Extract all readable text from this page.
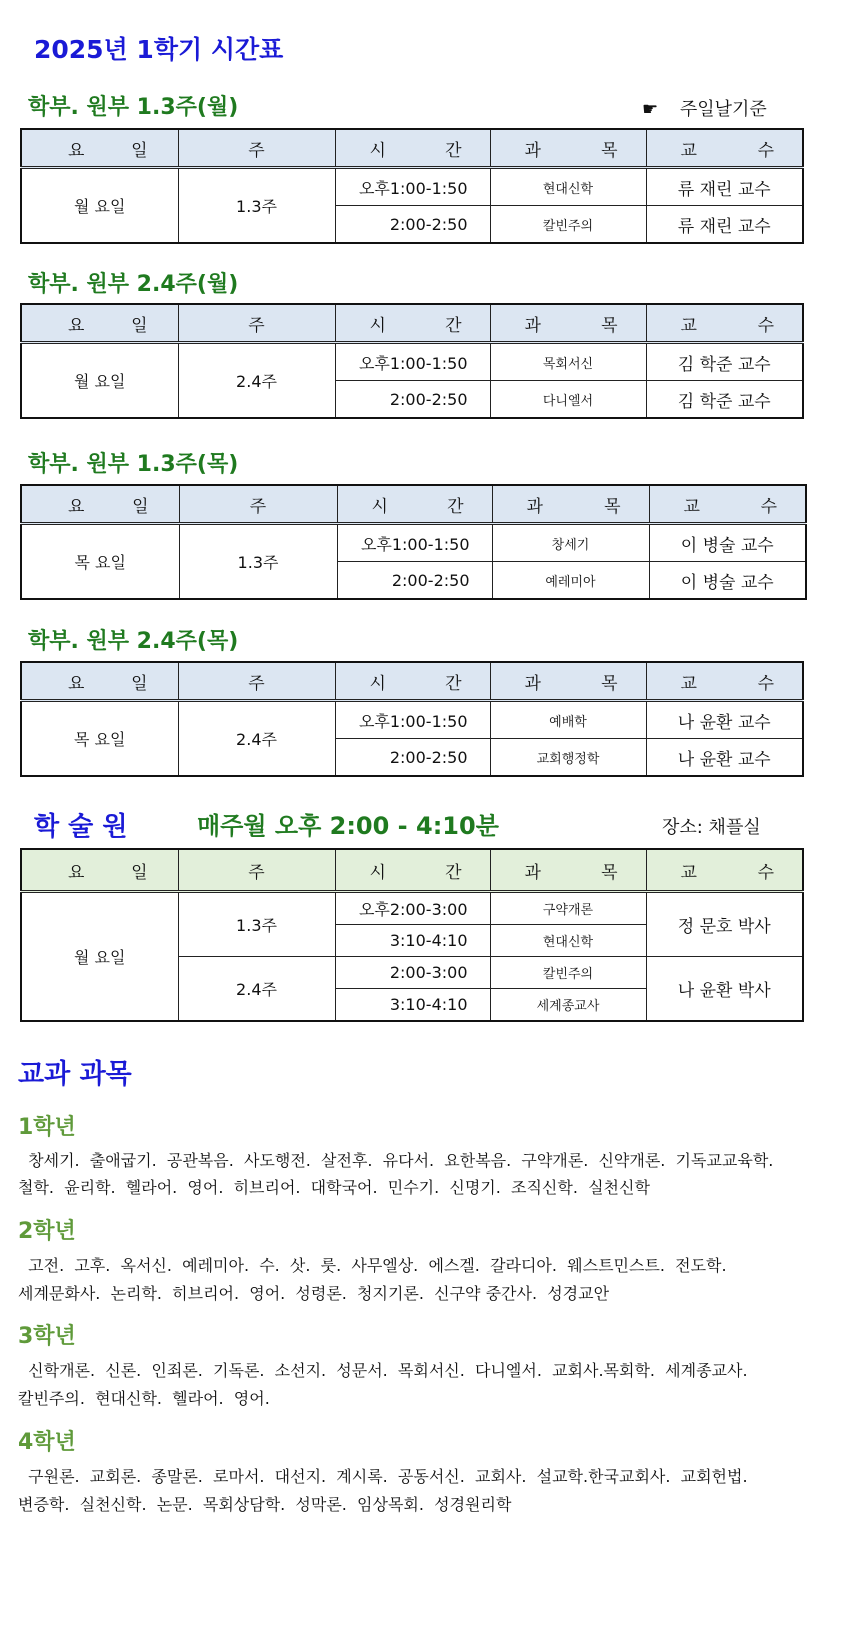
2025년 1학기 시간표
학부. 원부 1.3주(월)	☛ 주일날기준
요 일	주	시 간	과 목	교 수

월 요일	1.3주	오후1:00-1:50	현대신학	류 재린 교수
		2:00-2:50	칼빈주의	류 재린 교수
학부. 원부 2.4주(월)
요 일	주	시 간	과 목	교 수

월 요일	2.4주	오후1:00-1:50	목회서신	김 학준 교수
		2:00-2:50	다니엘서	김 학준 교수
학부. 원부 1.3주(목)
요 일	주	시 간	과 목	교 수

목 요일	1.3주	오후1:00-1:50	창세기	이 병술 교수
		2:00-2:50	예레미아	이 병술 교수
학부. 원부 2.4주(목)
요 일	주	시 간	과 목	교 수

목 요일	2.4주	오후1:00-1:50	예배학	나 윤환 교수
		2:00-2:50	교회행정학	나 윤환 교수
학 술 원	매주월 오후 2:00 - 4:10분	장소: 채플실
요 일	주	시 간	과 목	교 수

월 요일	1.3주	오후2:00-3:00	구약개론	정 문호 박사
		3:10-4:10	현대신학	
	2.4주	2:00-3:00	칼빈주의	나 윤환 박사
		3:10-4:10	세계종교사	
교과 과목
1학년
창세기.  출애굽기.  공관복음.  사도행전.  살전후.  유다서.  요한복음.  구약개론.  신약개론.  기독교교육학.
철학.  윤리학.  헬라어.  영어.  히브리어.  대학국어.  민수기.  신명기.  조직신학.  실천신학
2학년
고전.  고후.  옥서신.  예레미아.  수.  삿.  룻.  사무엘상.  에스겔.  갈라디아.  웨스트민스트.  전도학.
세계문화사.  논리학.  히브리어.  영어.  성령론.  청지기론.  신구약 중간사.  성경교안
3학년
신학개론.  신론.  인죄론.  기독론.  소선지.  성문서.  목회서신.  다니엘서.  교회사.목회학.  세계종교사.
칼빈주의.  현대신학.  헬라어.  영어.
4학년
구원론.  교회론.  종말론.  로마서.  대선지.  계시록.  공동서신.  교회사.  설교학.한국교회사.  교회헌법.
변증학.  실천신학.  논문.  목회상담학.  성막론.  임상목회.  성경원리학
